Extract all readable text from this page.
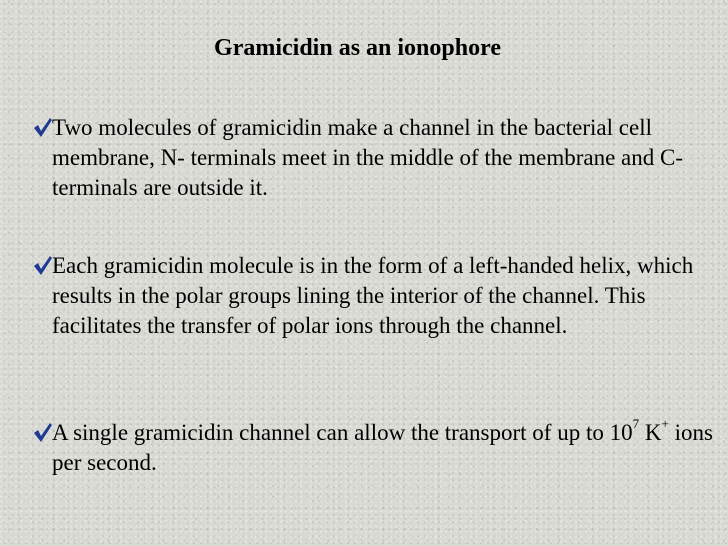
Gramicidin as an ionophore
Two molecules of gramicidin make a channel in the bacterial cell membrane, N- terminals meet in the middle of the membrane and C-terminals are outside it.
Each gramicidin molecule is in the form of a left-handed helix, which results in the polar groups lining the interior of the channel. This facilitates the transfer of polar ions through the channel.
A single gramicidin channel can allow the transport of up to $10^7$ K+ ions per second.
